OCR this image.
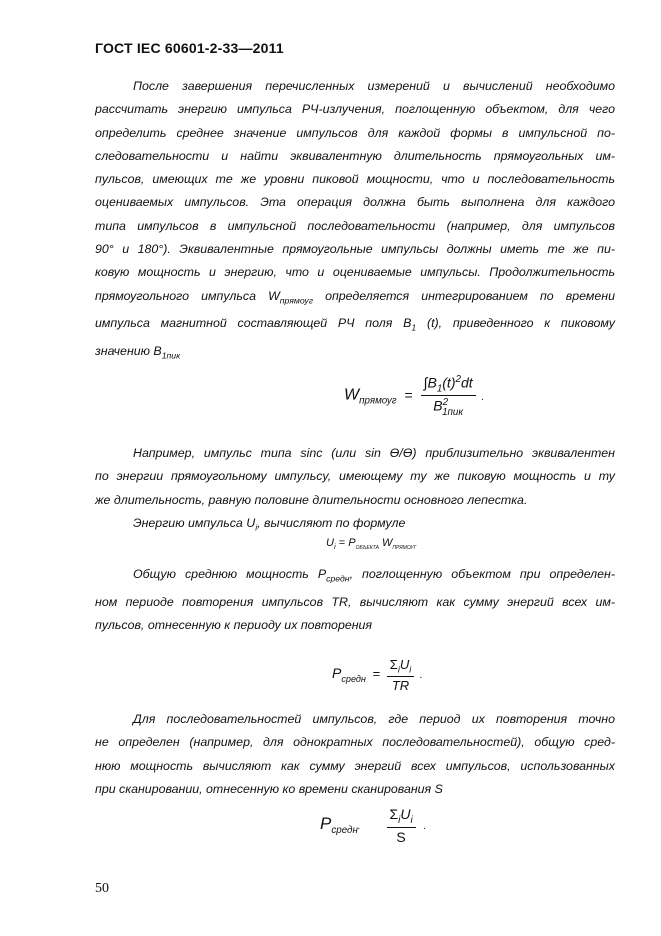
ГОСТ IEC 60601-2-33—2011
После завершения перечисленных измерений и вычислений необходимо
рассчитать энергию импульса РЧ-излучения, поглощенную объектом, для чего
определить среднее значение импульсов для каждой формы в импульсной по-
следовательности и найти эквивалентную длительность прямоугольных им-
пульсов, имеющих те же уровни пиковой мощности, что и последовательность
оцениваемых импульсов. Эта операция должна быть выполнена для каждого
типа импульсов в импульсной последовательности (например, для импульсов
90° и 180°). Эквивалентные прямоугольные импульсы должны иметь те же пи-
ковую мощность и энергию, что и оцениваемые импульсы. Продолжительность
прямоугольного импульса $W_{прямоуг}$ определяется интегрированием по времени
импульса магнитной составляющей РЧ поля $B_1$ (t), приведенного к пиковому
значению $B_{1пик}$
$W_{прямоуг} = \frac{\int B_1(t)^2dt}{B^2_{1пик}}$ .
Например, импульс типа sinc (или sin ϴ/ϴ) приблизительно эквивалентен
по энергии прямоугольному импульсу, имеющему ту же пиковую мощность и ту
же длительность, равную половине длительности основного лепестка.
Энергию импульса $U_i$, вычисляют по формуле
$U_i = P_{ОБЪЕКТА}$ $W_{ПРЯМОУГ}$
Общую среднюю мощность $P_{средн}$, поглощенную объектом при определен-
ном периоде повторения импульсов TR, вычисляют как сумму энергий всех им-
пульсов, отнесенную к периоду их повторения
$P_{средн} = \frac{\Sigma_iU_i}{TR}$ .
Для последовательностей импульсов, где период их повторения точно
не определен (например, для однократных последовательностей), общую сред-
нюю мощность вычисляют как сумму энергий всех импульсов, использованных
при сканировании, отнесенную ко времени сканирования S
$P_{средн}$. $\frac{\Sigma_iU_i}{S}$ .
50
